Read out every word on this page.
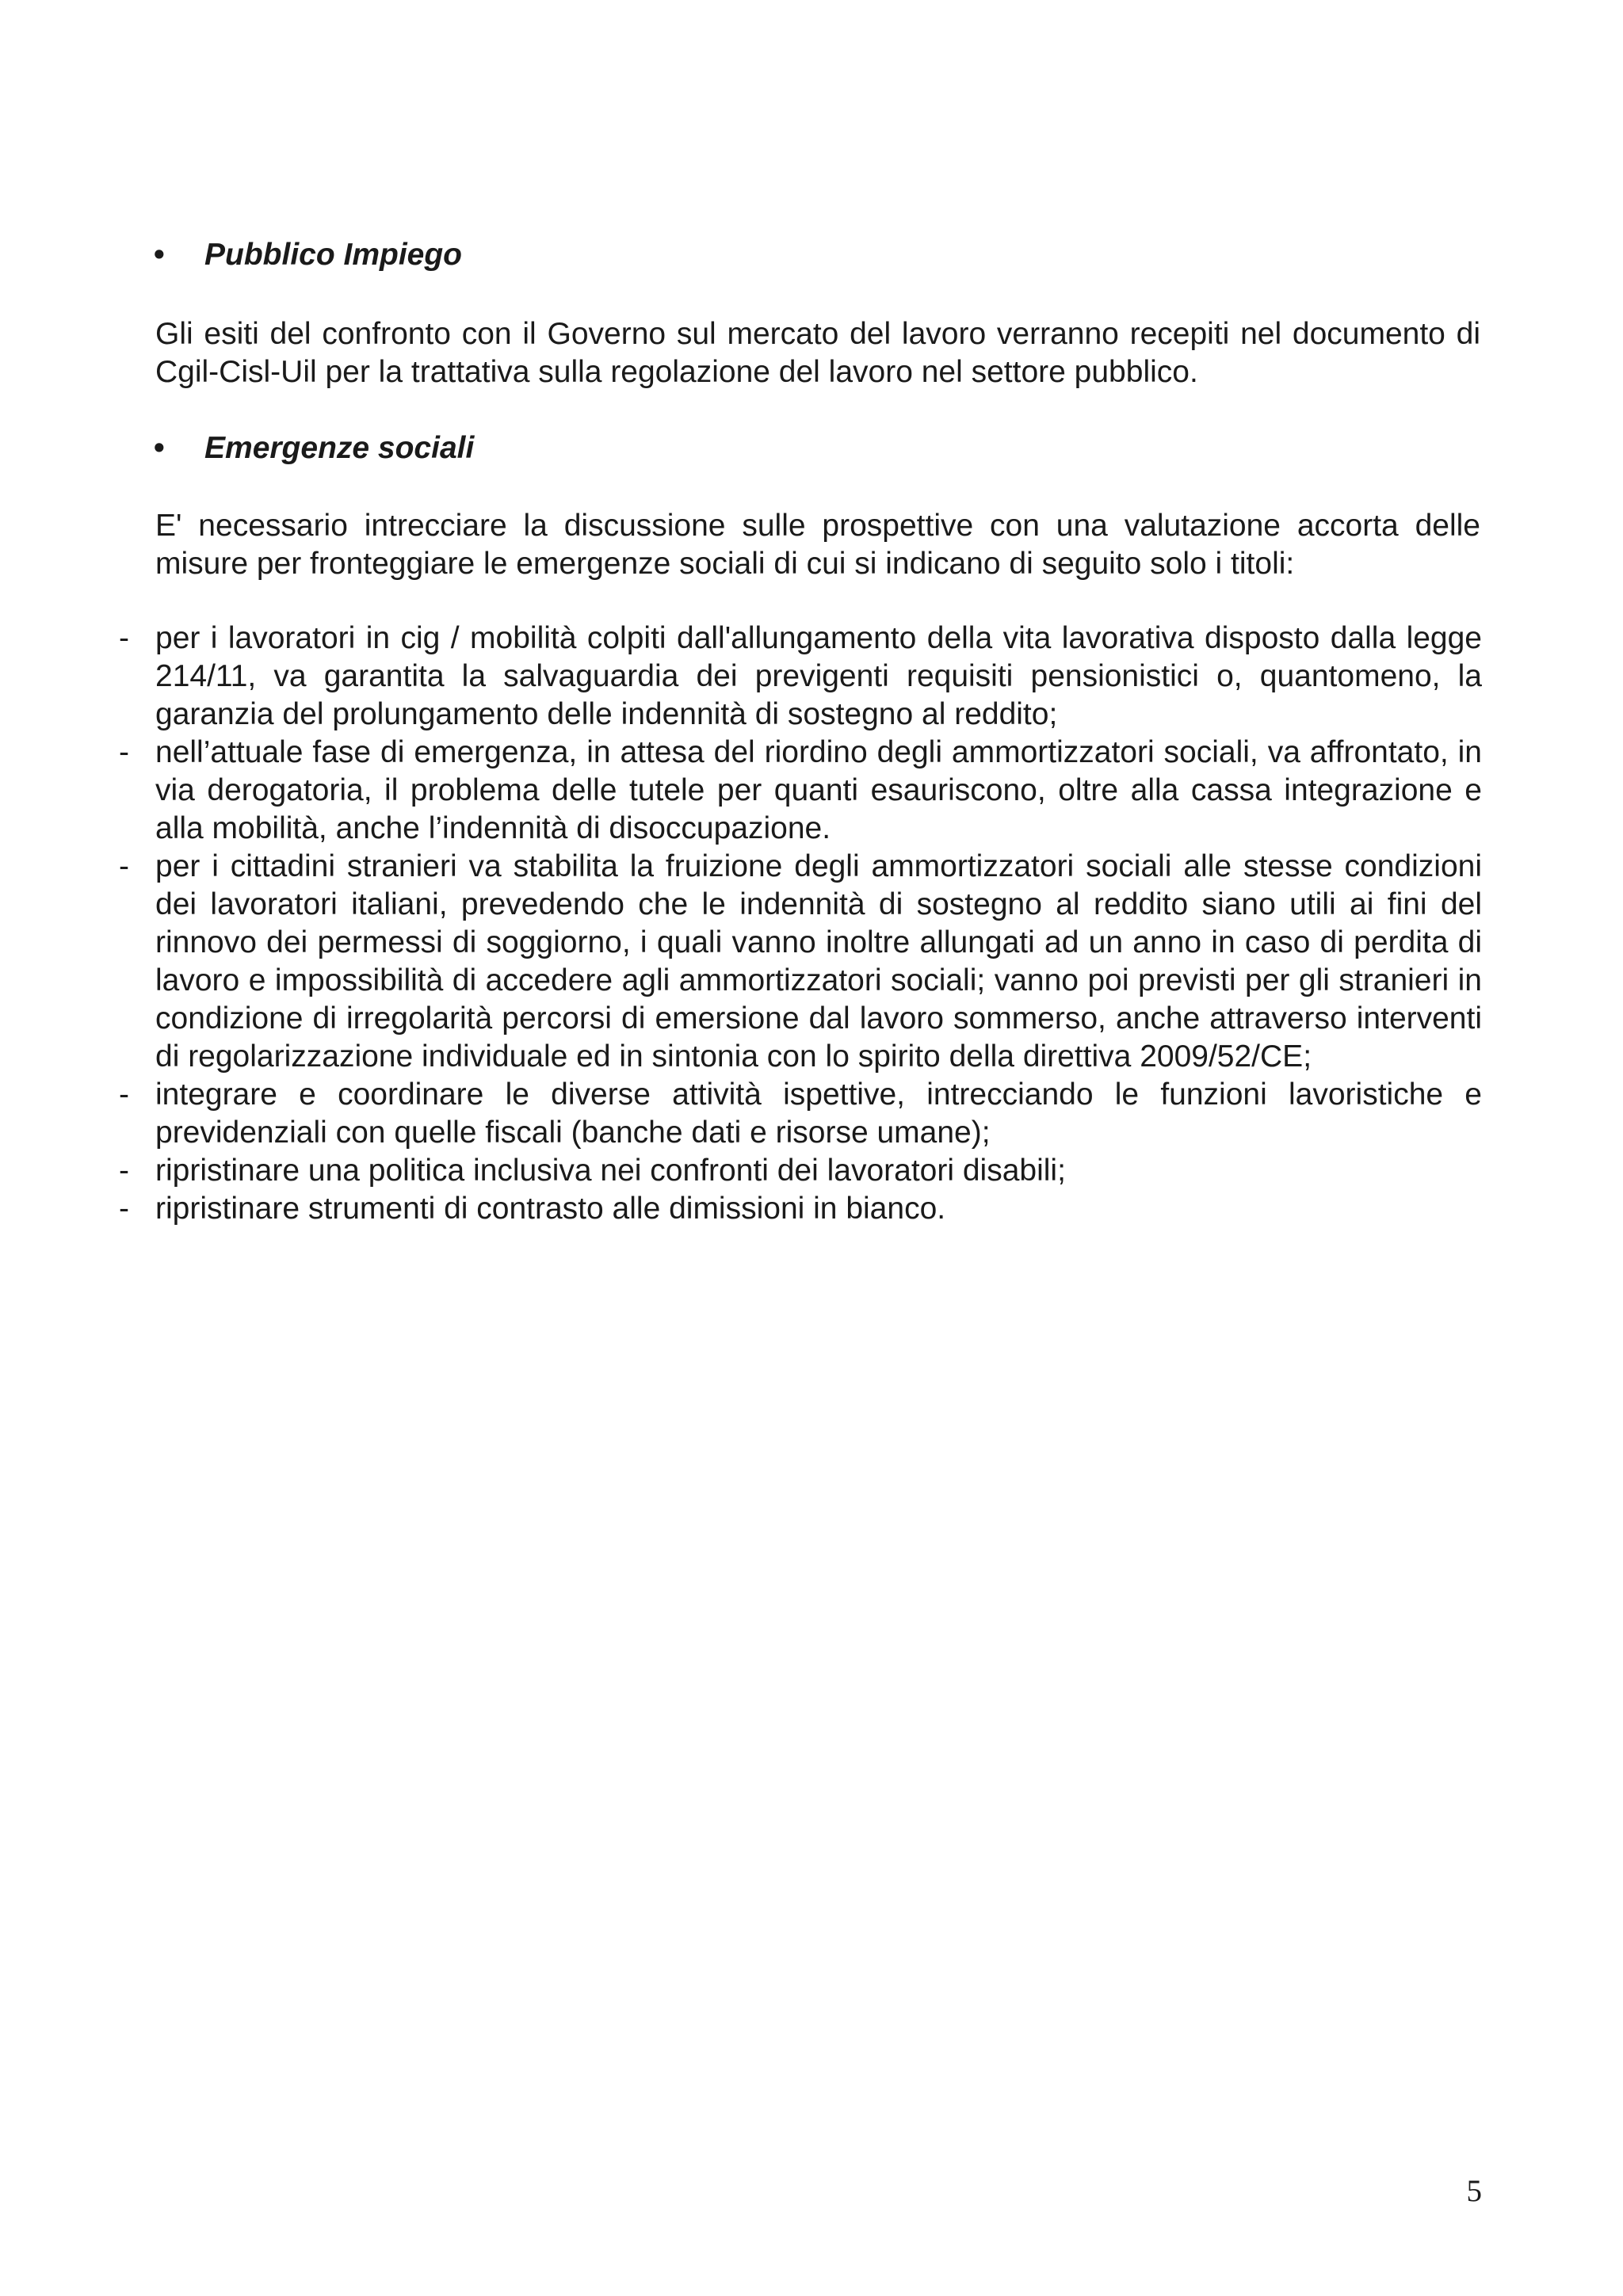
• Pubblico Impiego

Gli esiti del confronto con il Governo sul mercato del lavoro verranno recepiti nel documento di Cgil-Cisl-Uil per la trattativa sulla regolazione del lavoro nel settore pubblico.

• Emergenze sociali

E' necessario intrecciare la discussione sulle prospettive con una valutazione accorta delle misure per fronteggiare le emergenze sociali di cui si indicano di seguito solo i titoli:

- per i lavoratori in cig / mobilità colpiti dall'allungamento della vita lavorativa disposto dalla legge 214/11, va garantita la salvaguardia dei previgenti requisiti pensionistici o, quantomeno, la garanzia del prolungamento delle indennità di sostegno al reddito;
- nell’attuale fase di emergenza, in attesa del riordino degli ammortizzatori sociali, va affrontato, in via derogatoria, il problema delle tutele per quanti esauriscono, oltre alla cassa integrazione e alla mobilità, anche l’indennità di disoccupazione.
- per i cittadini stranieri va stabilita la fruizione degli ammortizzatori sociali alle stesse condizioni dei lavoratori italiani, prevedendo che le indennità di sostegno al reddito siano utili ai fini del rinnovo dei permessi di soggiorno, i quali vanno inoltre allungati ad un anno in caso di perdita di lavoro e impossibilità di accedere agli ammortizzatori sociali; vanno poi previsti per gli stranieri in condizione di irregolarità percorsi di emersione dal lavoro sommerso, anche attraverso interventi di regolarizzazione individuale ed in sintonia con lo spirito della direttiva 2009/52/CE;
- integrare e coordinare le diverse attività ispettive, intrecciando le funzioni lavoristiche e previdenziali con quelle fiscali (banche dati e risorse umane);
- ripristinare una politica inclusiva nei confronti dei lavoratori disabili;
- ripristinare strumenti di contrasto alle dimissioni in bianco.
5
